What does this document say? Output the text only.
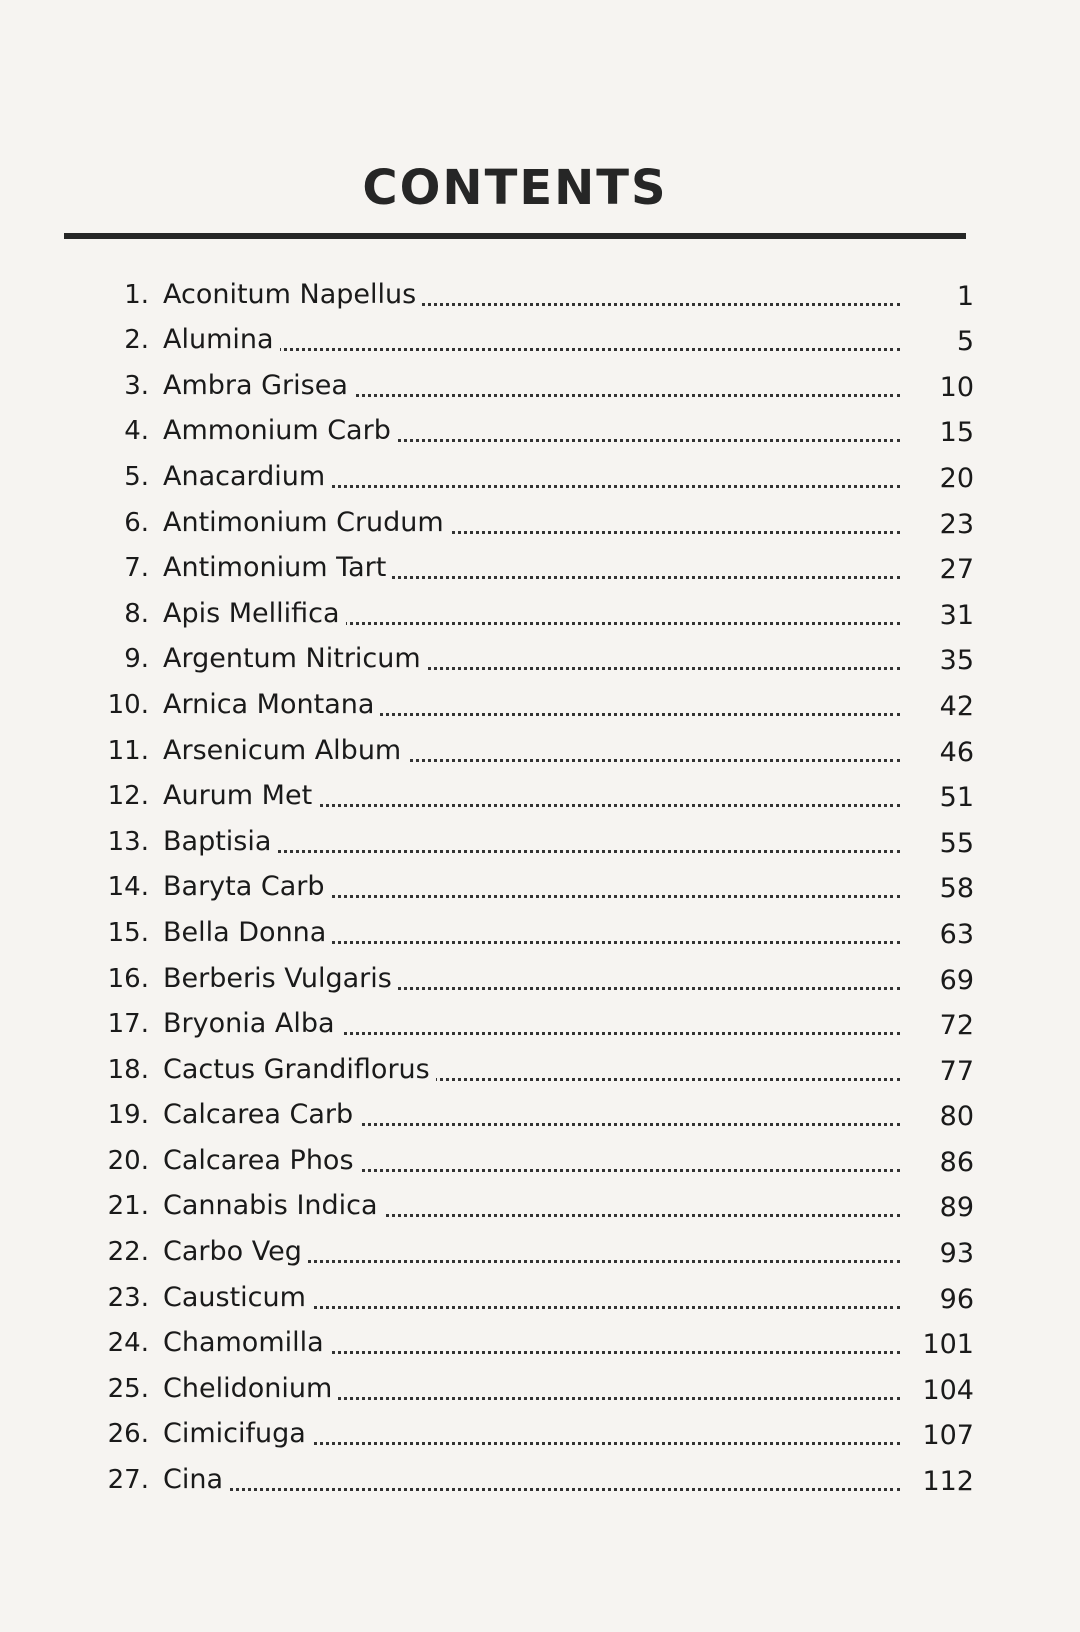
CONTENTS
1. Aconitum Napellus	1
2. Alumina	5
3. Ambra Grisea	10
4. Ammonium Carb	15
5. Anacardium	20
6. Antimonium Crudum	23
7. Antimonium Tart	27
8. Apis Mellifica	31
9. Argentum Nitricum	35
10. Arnica Montana	42
11. Arsenicum Album	46
12. Aurum Met	51
13. Baptisia	55
14. Baryta Carb	58
15. Bella Donna	63
16. Berberis Vulgaris	69
17. Bryonia Alba	72
18. Cactus Grandiflorus	77
19. Calcarea Carb	80
20. Calcarea Phos	86
21. Cannabis Indica	89
22. Carbo Veg	93
23. Causticum	96
24. Chamomilla	101
25. Chelidonium	104
26. Cimicifuga	107
27. Cina	112
